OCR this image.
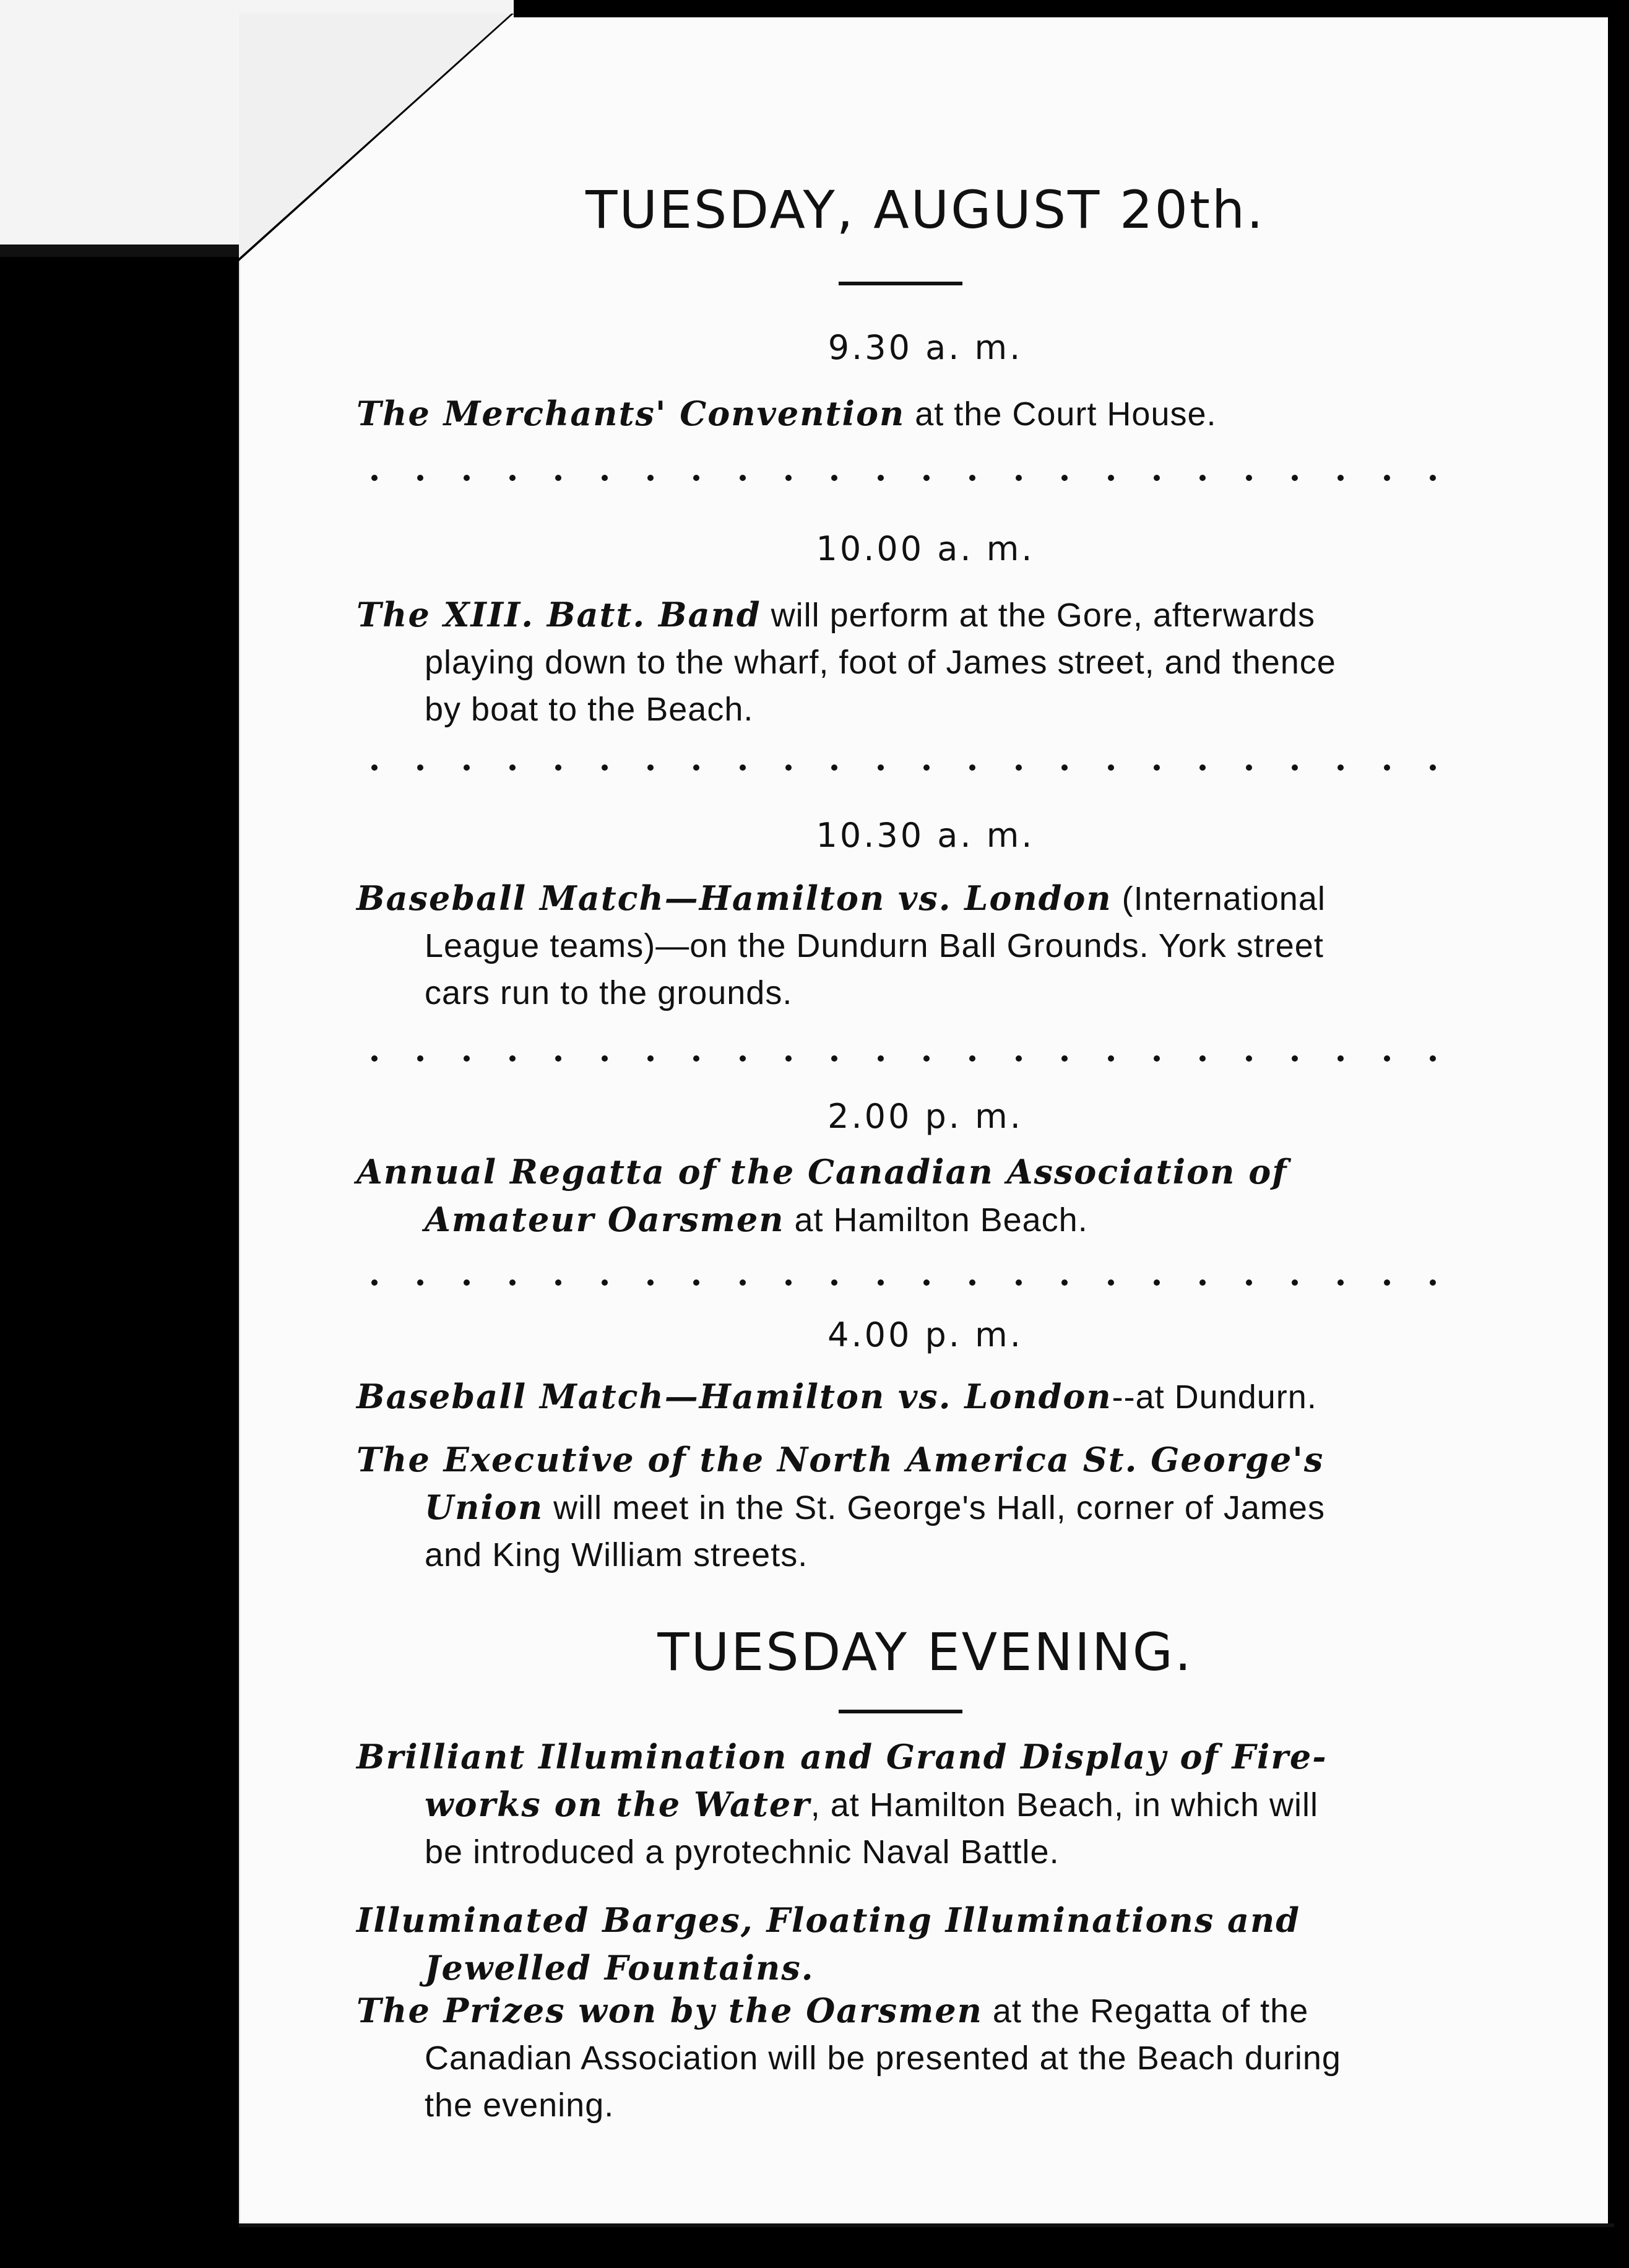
TUESDAY, AUGUST 20th.
9.30 a. m.
The Merchants' Convention at the Court House.
10.00 a. m.
The XIII. Batt. Band will perform at the Gore, afterwards
playing down to the wharf, foot of James street, and thence
by boat to the Beach.
10.30 a. m.
Baseball Match—Hamilton vs. London (International
League teams)—on the Dundurn Ball Grounds. York street
cars run to the grounds.
2.00 p. m.
Annual Regatta of the Canadian Association of
Amateur Oarsmen at Hamilton Beach.
4.00 p. m.
Baseball Match—Hamilton vs. London--at Dundurn.
The Executive of the North America St. George's
Union will meet in the St. George's Hall, corner of James
and King William streets.
TUESDAY EVENING.
Brilliant Illumination and Grand Display of Fire-
works on the Water, at Hamilton Beach, in which will
be introduced a pyrotechnic Naval Battle.
Illuminated Barges, Floating Illuminations and
Jewelled Fountains.
The Prizes won by the Oarsmen at the Regatta of the
Canadian Association will be presented at the Beach during
the evening.
